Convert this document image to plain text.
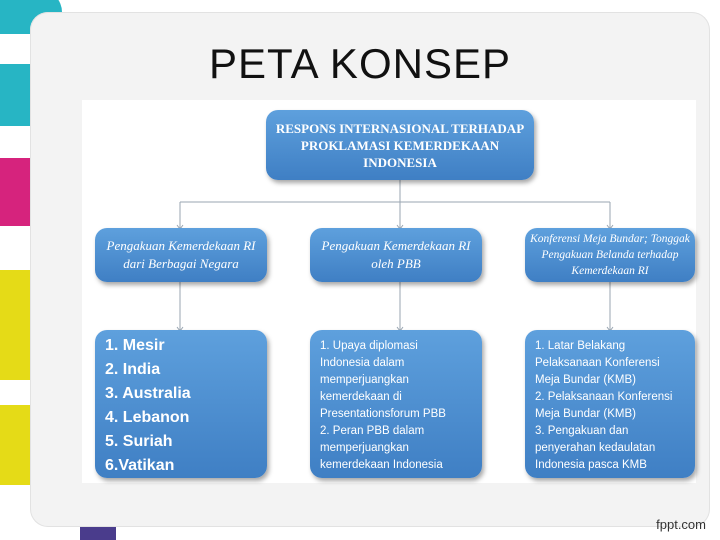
PETA KONSEP
RESPONS INTERNASIONAL TERHADAP
PROKLAMASI KEMERDEKAAN
INDONESIA
Pengakuan Kemerdekaan RI
dari Berbagai Negara
Pengakuan Kemerdekaan RI
oleh PBB
Konferensi Meja Bundar; Tonggak
Pengakuan Belanda terhadap
Kemerdekaan RI
1. Mesir
2. India
3. Australia
4. Lebanon
5. Suriah
6.Vatikan
1. Upaya diplomasi
Indonesia dalam
memperjuangkan
kemerdekaan di
Presentationsforum PBB
2. Peran PBB dalam
memperjuangkan
kemerdekaan Indonesia
1. Latar Belakang
Pelaksanaan Konferensi
Meja Bundar (KMB)
2. Pelaksanaan Konferensi
Meja Bundar (KMB)
3. Pengakuan dan
penyerahan kedaulatan
Indonesia pasca KMB
fppt.com
